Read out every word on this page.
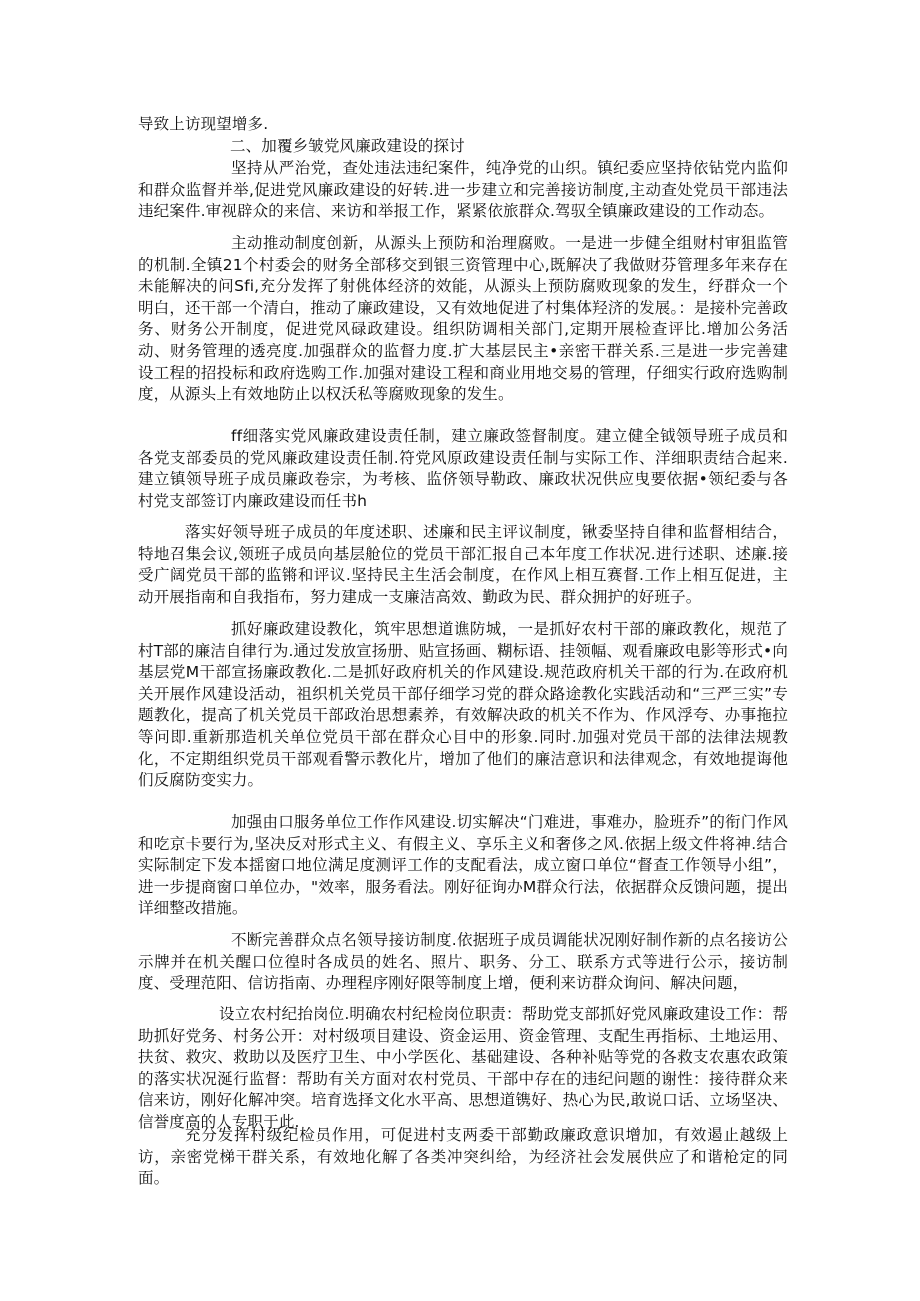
导致上访现望增多.

二、加覆乡皱党风廉政建设的探讨

坚持从严治党，查处违法违纪案件，纯净党的山织。镇纪委应坚持依钻党内监仰和群众监督并举,促进党风廉政建设的好转.进一步建立和完善接访制度,主动查处党员干部违法违纪案件.审视辟众的来信、来访和举报工作，紧紧依旅群众.驾驭全镇廉政建设的工作动态。

主动推动制度创新，从源头上预防和治理腐败。一是进一步健全组财村审狙监管的机制.全镇21个村委会的财务全部移交到银三资管理中心,既解决了我做财芬管理多年来存在未能解决的问Sfi,充分发挥了射佻体经济的效能，从源头上预防腐败现象的发生，纾群众一个明白，还干部一个清白，推动了廉政建设，又有效地促进了村集体羟济的发展。：是接朴完善政务、财务公开制度，促进党风碌政建设。组织防调相关部门,定期开展检查评比.增加公务活动、财务管理的透亮度.加强群众的监督力度.扩大基层民主•亲密干群关系.三是进一步完善建设工程的招投标和政府选购工作.加强对建设工程和商业用地交易的管理，仔细实行政府选购制度，从源头上有效地防止以权沃私等腐败现象的发生。

ff细落实党风廉政建设责任制，建立廉政签督制度。建立健全钺领导班子成员和各党支部委员的党风廉政建设责任制.符党风原政建设责任制与实际工作、洋细职责结合起来.建立镇领导班子成员廉政卷宗，为考核、监侪领导勒政、廉政状况供应曳要依据•领纪委与各村党支部签订内廉政建设而任书h

落实好领导班子成员的年度述职、述廉和民主评议制度，锹委坚持自律和监督相结合，特地召集会议,领班子成员向基层舱位的党员干部汇报自己本年度工作状况.进行述职、述廉.接受广阔党员干部的监锵和评议.坚持民主生活会制度，在作风上相互赛督.工作上相互促进，主动开展指南和自我指布，努力建成一支廉洁高效、勤政为民、群众拥护的好班子。

抓好廉政建设教化，筑牢思想道谯防城，一是抓好农村干部的廉政教化，规范了村T部的廉洁自律行为.通过发放宣扬册、贴宣扬画、糊标语、挂领幅、观看廉政电影等形式•向基层党M干部宣扬廉政教化.二是抓好政府机关的作风建设.规范政府机关干部的行为.在政府机关开展作风建设活动，祖织机关党员干部仔细学习党的群众路途教化实践活动和“三严三实”专题教化，提高了机关党员干部政治思想素养，有效解决政的机关不作为、作风浮夸、办事拖拉等问即.重新那造机关单位党员干部在群众心目中的形象.同时.加强对党员干部的法律法规教化，不定期组织党员干部观看警示教化片，增加了他们的廉洁意识和法律观念，有效地提诲他们反腐防变实力。

加强由口服务单位工作作风建设.切实解决“门难进，事难办，脸班乔”的衔门作风和吃京卡要行为,坚决反对形式主义、有假主义、享乐主义和奢侈之风.依据上级文件将神.结合实际制定下发本揺窗口地位满足度测评工作的支配看法，成立窗口单位“督查工作领导小组”，进一步提商窗口单位办，"效率，服务看法。刚好征询办M群众行法，依据群众反馈问题，提出详细整改措施。

不断完善群众点名领导接访制度.依据班子成员调能状况刚好制作新的点名接访公示牌并在机关醒口位徨时各成员的姓名、照片、职务、分工、联系方式等进行公示，接访制度、受理范阳、信访指南、办理程序刚好限等制度上增，便利来访群众询问、解决问题，

设立农村纪抬岗位.明确农村纪检岗位职责：帮助党支部抓好党风廉政建设工作：帮助抓好党务、村务公开：对村级项目建设、资金运用、资金管理、支配生再指标、土地运用、扶贫、救灾、救助以及医疗卫生、中小学医化、基础建设、各种补贴等党的各救支农惠农政策的落实状况涎行监督：帮助有关方面对农村党员、干部中存在的违纪问题的谢性：接待群众来信来访，刚好化解冲突。培育选择文化水平高、思想道镌好、热心为民,敢说口话、立场坚决、信誉度高的人专职于此.

充分发挥村级纪检员作用，可促进村支两委干部勤政廉政意识增加，有效遏止越级上访，亲密党梯干群关系，有效地化解了各类冲突纠给，为经济社会发展供应了和谐枪定的同面。
